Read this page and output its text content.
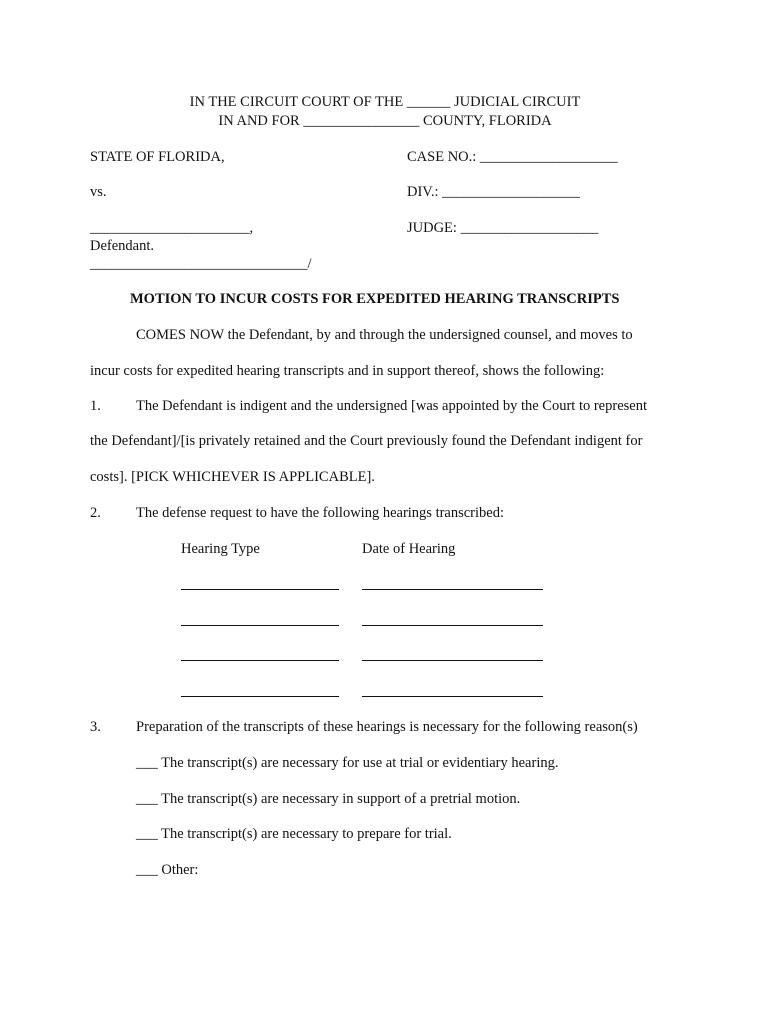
IN THE CIRCUIT COURT OF THE ______ JUDICIAL CIRCUIT
IN AND FOR ________________ COUNTY, FLORIDA
STATE OF FLORIDA,	CASE NO.: ___________________
vs.	DIV.: ___________________
______________________,	JUDGE: ___________________
Defendant.
______________________________/
MOTION TO INCUR COSTS FOR EXPEDITED HEARING TRANSCRIPTS
COMES NOW the Defendant, by and through the undersigned counsel, and moves to
incur costs for expedited hearing transcripts and in support thereof, shows the following:
1. The Defendant is indigent and the undersigned [was appointed by the Court to represent
the Defendant]/[is privately retained and the Court previously found the Defendant indigent for
costs]. [PICK WHICHEVER IS APPLICABLE].
2. The defense request to have the following hearings transcribed:
Hearing Type	Date of Hearing
3. Preparation of the transcripts of these hearings is necessary for the following reason(s)
___ The transcript(s) are necessary for use at trial or evidentiary hearing.
___ The transcript(s) are necessary in support of a pretrial motion.
___ The transcript(s) are necessary to prepare for trial.
___ Other:
